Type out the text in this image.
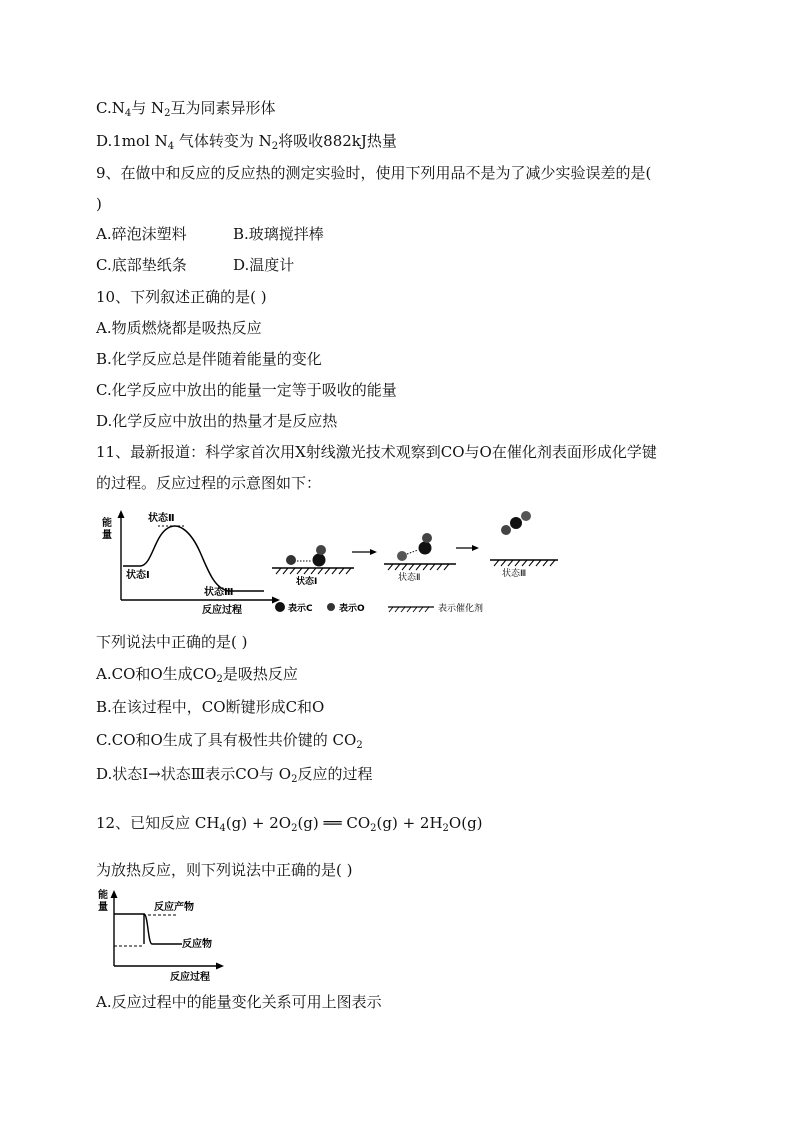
$C.N_4$与 $N_2$互为同素异形体
D.1mol $N_4$ 气体转变为 $N_2$将吸收882kJ热量
9、在做中和反应的反应热的测定实验时，使用下列用品不是为了减少实验误差的是(
)
A.碎泡沫塑料	B.玻璃搅拌棒
C.底部垫纸条	D.温度计
10、下列叙述正确的是( )
A.物质燃烧都是吸热反应
B.化学反应总是伴随着能量的变化
C.化学反应中放出的能量一定等于吸收的能量
D.化学反应中放出的热量才是反应热
11、最新报道：科学家首次用X射线激光技术观察到CO与O在催化剂表面形成化学键
的过程。反应过程的示意图如下：
能
量
状态Ⅱ
状态Ⅰ
状态Ⅲ
反应过程
状态Ⅰ	状态Ⅱ	状态Ⅲ
表示C	表示O	表示催化剂
下列说法中正确的是( )
A.CO和O生成$CO_2$是吸热反应
B.在该过程中，CO断键形成C和O
C.CO和O生成了具有极性共价键的 $CO_2$
D.状态Ⅰ→状态Ⅲ表示CO与 $O_2$反应的过程
12、已知反应 $CH_4(g) + 2O_2(g)$ ══ $CO_2(g) + 2H_2O(g)$
为放热反应，则下列说法中正确的是( )
能
量	反应产物
反应物
反应过程
A.反应过程中的能量变化关系可用上图表示
